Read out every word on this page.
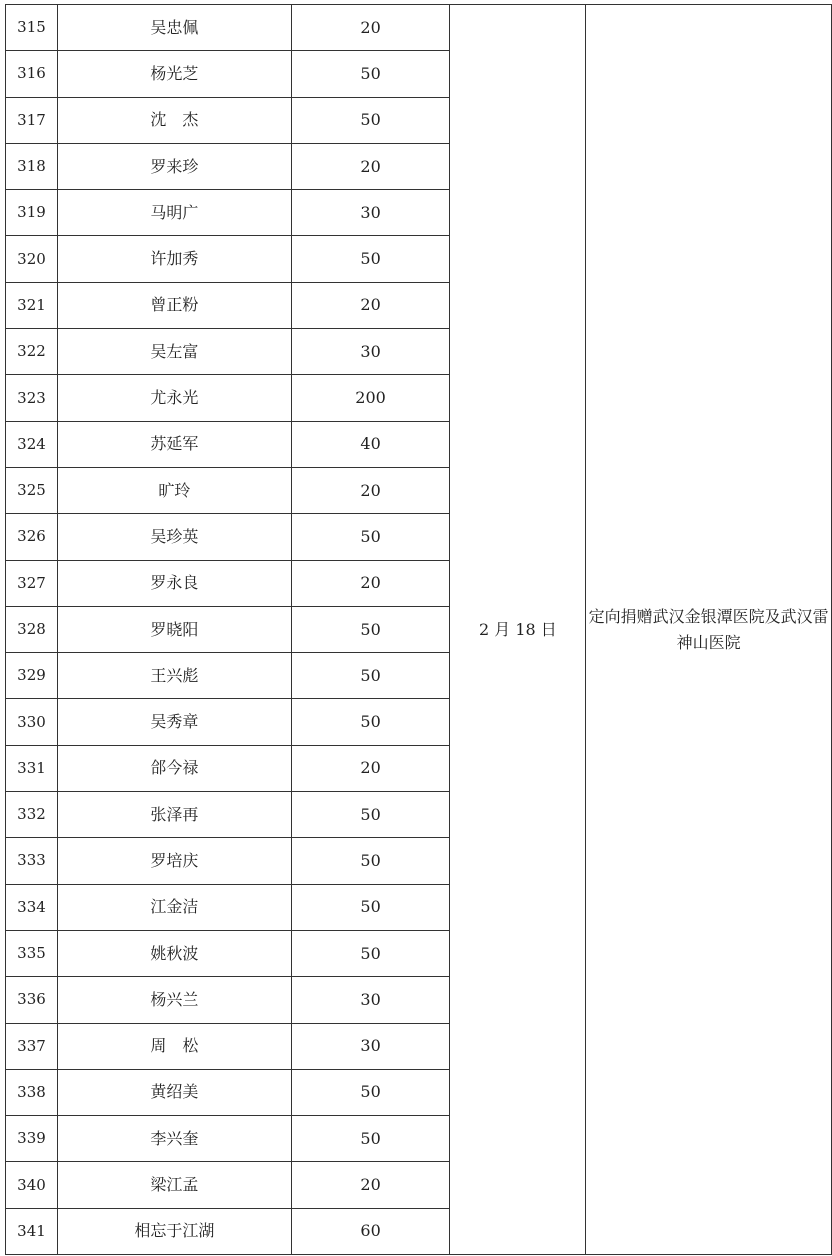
315	吴忠佩	20	2 月 18 日	定向捐赠武汉金银潭医院及武汉雷神山医院
316	杨光芝	50		
317	沈　杰	50		
318	罗来珍	20		
319	马明广	30		
320	许加秀	50		
321	曾正粉	20		
322	吴左富	30		
323	尤永光	200		
324	苏延军	40		
325	旷玲	20		
326	吴珍英	50		
327	罗永良	20		
328	罗晓阳	50		
329	王兴彪	50		
330	吴秀章	50		
331	郃今禄	20		
332	张泽再	50		
333	罗培庆	50		
334	江金洁	50		
335	姚秋波	50		
336	杨兴兰	30		
337	周　松	30		
338	黄绍美	50		
339	李兴奎	50		
340	梁江孟	20		
341	相忘于江湖	60		
